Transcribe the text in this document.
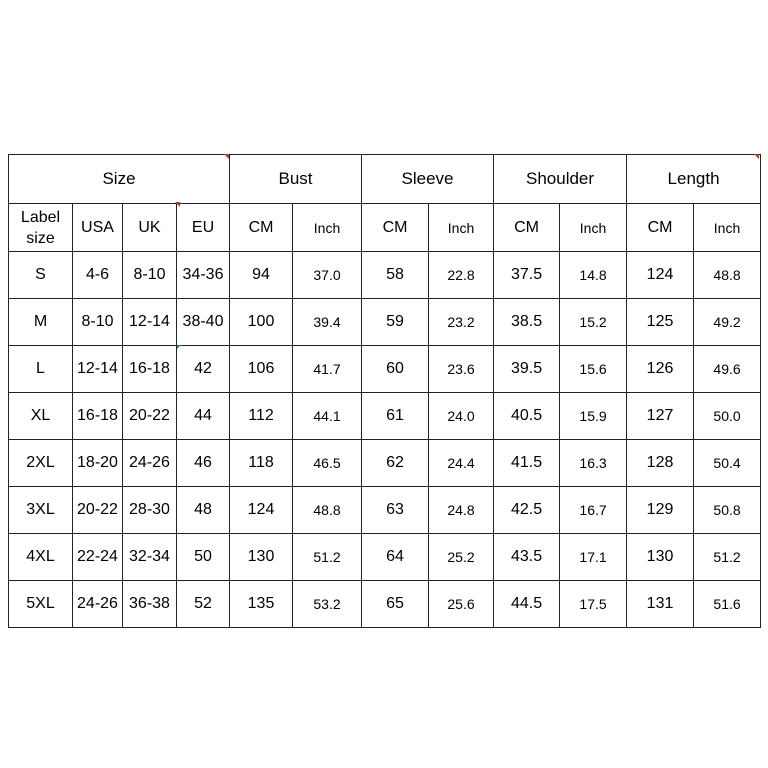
Size				Bust		Sleeve		Shoulder		Length	
Label size	USA	UK	EU	CM	Inch	CM	Inch	CM	Inch	CM	Inch
S	4-6	8-10	34-36	94	37.0	58	22.8	37.5	14.8	124	48.8
M	8-10	12-14	38-40	100	39.4	59	23.2	38.5	15.2	125	49.2
L	12-14	16-18	42	106	41.7	60	23.6	39.5	15.6	126	49.6
XL	16-18	20-22	44	112	44.1	61	24.0	40.5	15.9	127	50.0
2XL	18-20	24-26	46	118	46.5	62	24.4	41.5	16.3	128	50.4
3XL	20-22	28-30	48	124	48.8	63	24.8	42.5	16.7	129	50.8
4XL	22-24	32-34	50	130	51.2	64	25.2	43.5	17.1	130	51.2
5XL	24-26	36-38	52	135	53.2	65	25.6	44.5	17.5	131	51.6
